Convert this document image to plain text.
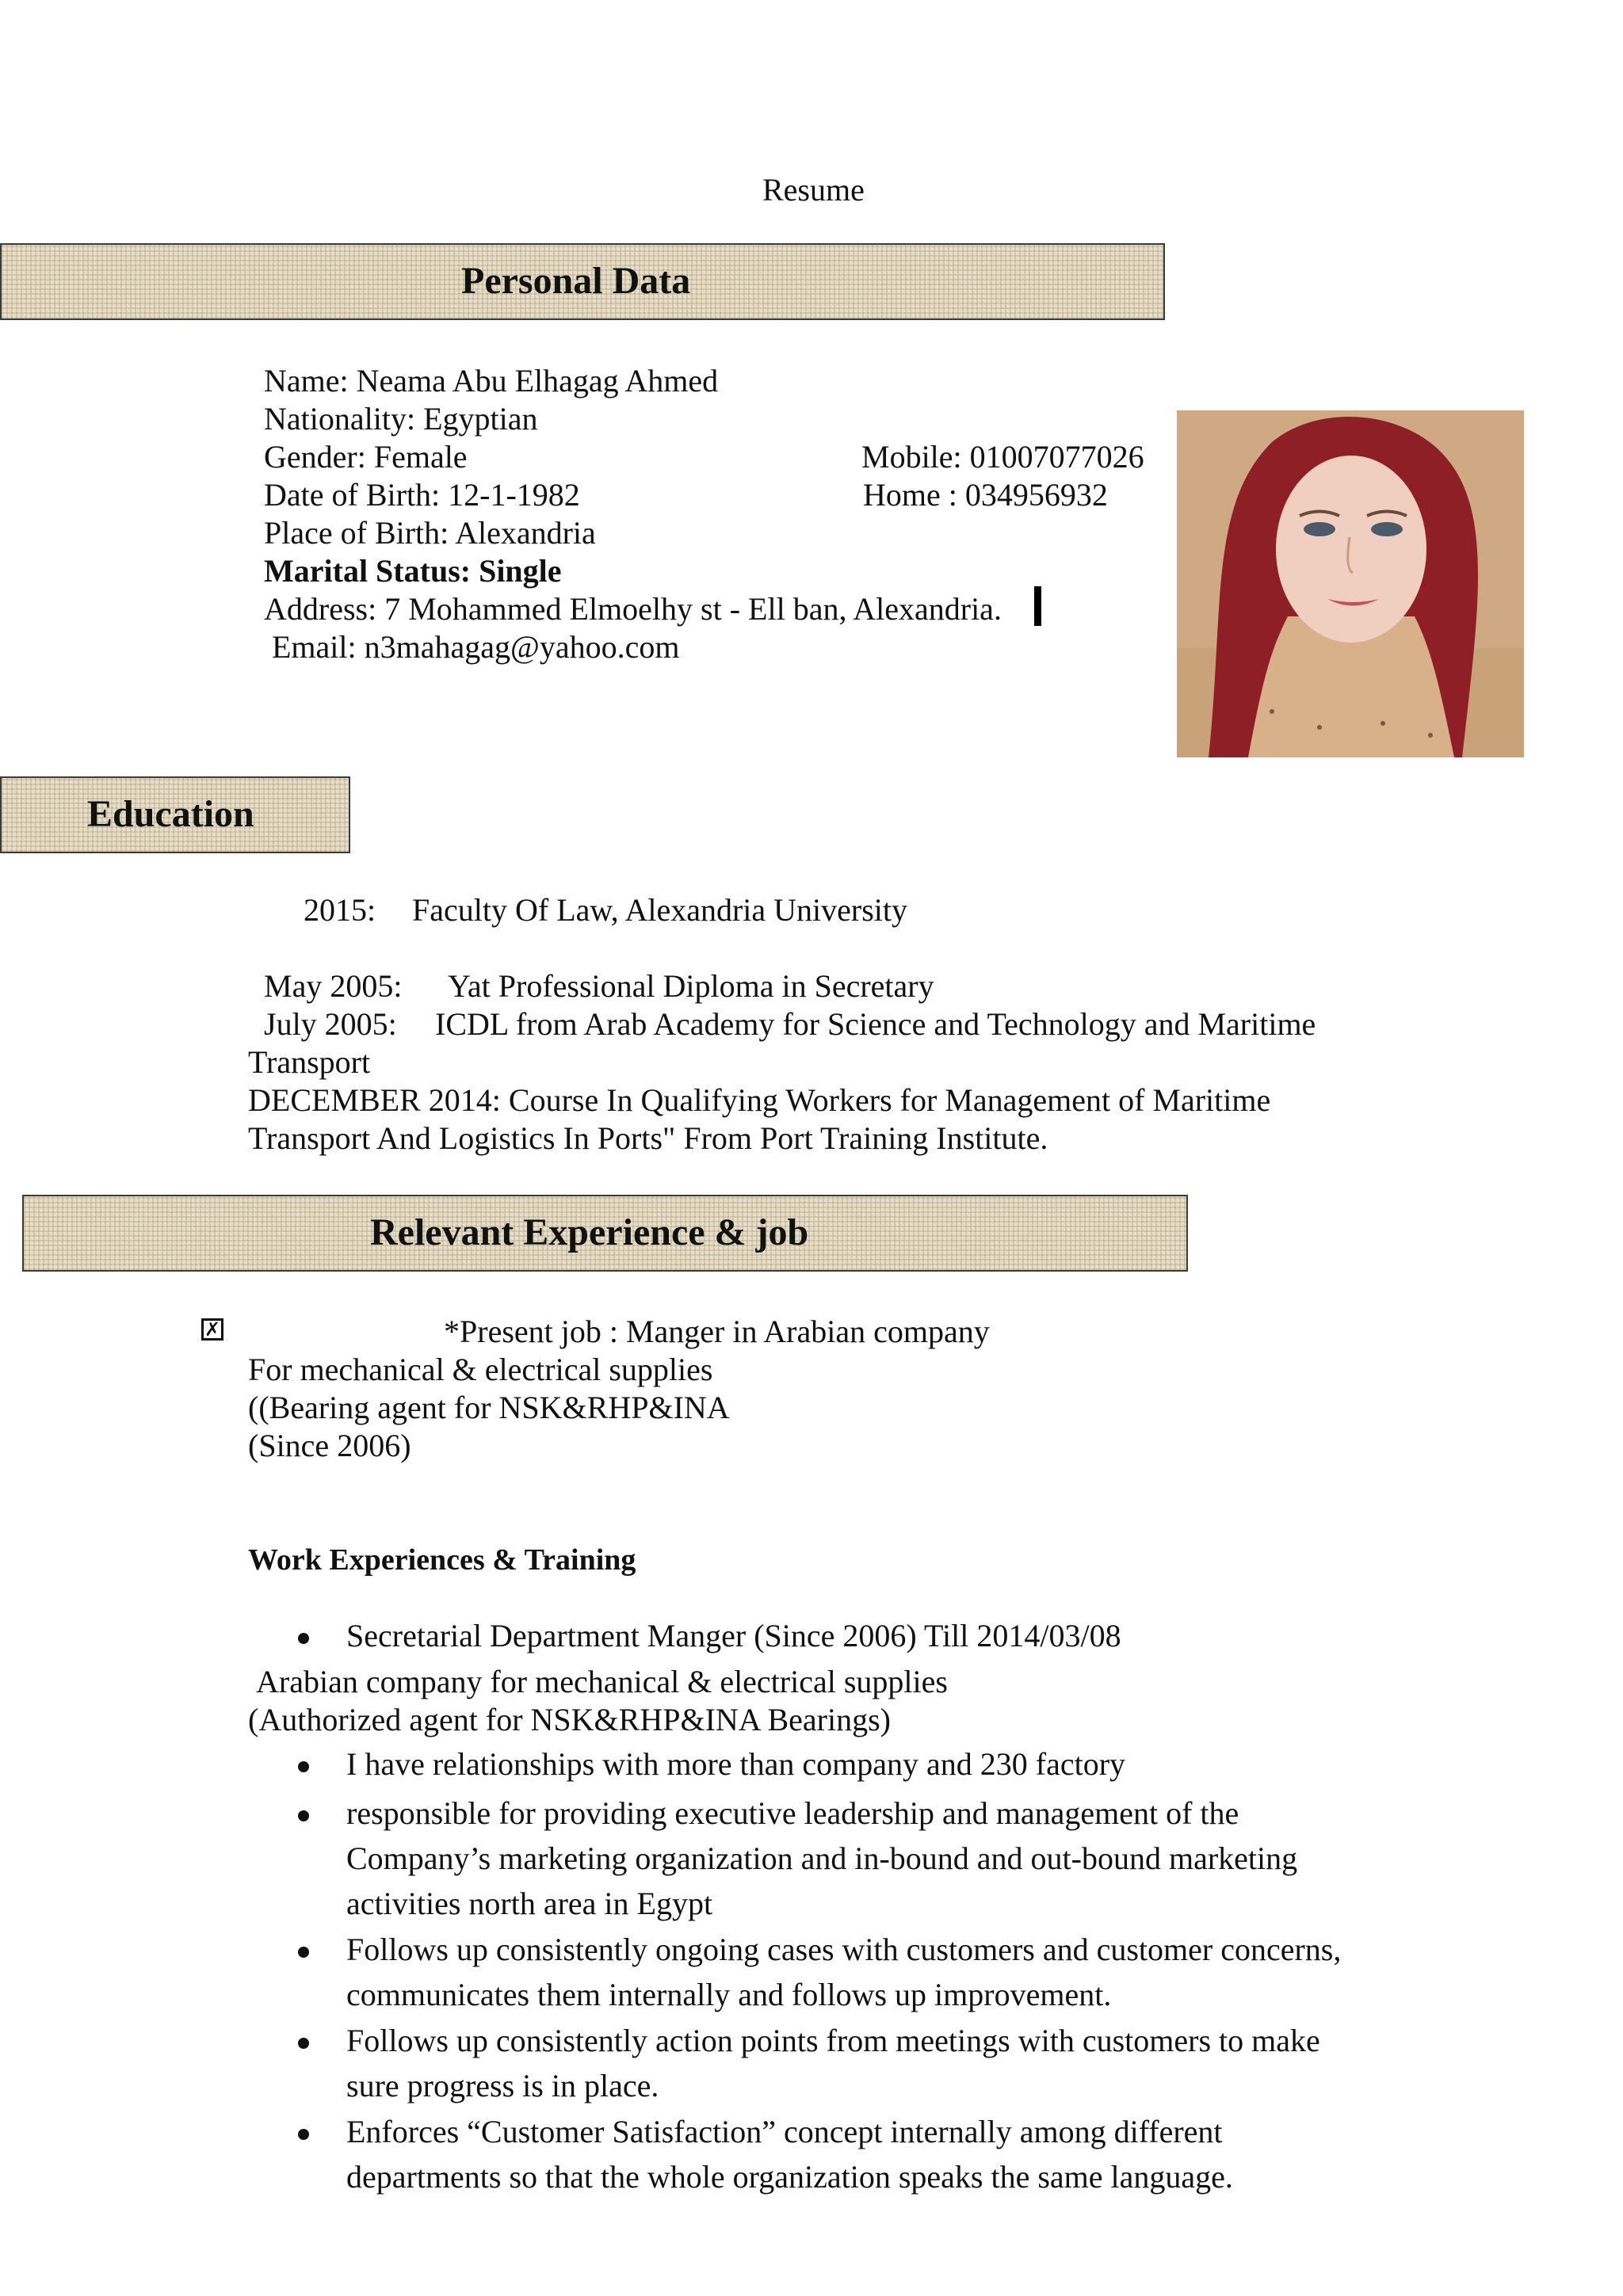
Resume
Personal Data
Name: Neama Abu Elhagag Ahmed
Nationality: Egyptian
Gender: Female
Date of Birth: 12-1-1982
Place of Birth: Alexandria
Marital Status: Single
Address: 7 Mohammed Elmoelhy st - Ell ban, Alexandria.
Email: n3mahagag@yahoo.com
Mobile: 01007077026
Home : 034956932
Education
2015: Faculty Of Law, Alexandria University
May 2005: Yat Professional Diploma in Secretary
July 2005: ICDL from Arab Academy for Science and Technology and Maritime
Transport
DECEMBER 2014: Course In Qualifying Workers for Management of Maritime
Transport And Logistics In Ports" From Port Training Institute.
Relevant Experience & job
✗	*Present job : Manger in Arabian company
For mechanical & electrical supplies
((Bearing agent for NSK&RHP&INA
(Since 2006)
Work Experiences & Training
Secretarial Department Manger (Since 2006) Till 2014/03/08
Arabian company for mechanical & electrical supplies
(Authorized agent for NSK&RHP&INA Bearings)
I have relationships with more than company and 230 factory
responsible for providing executive leadership and management of the
Company’s marketing organization and in-bound and out-bound marketing
activities north area in Egypt
Follows up consistently ongoing cases with customers and customer concerns,
communicates them internally and follows up improvement.
Follows up consistently action points from meetings with customers to make
sure progress is in place.
Enforces “Customer Satisfaction” concept internally among different
departments so that the whole organization speaks the same language.
